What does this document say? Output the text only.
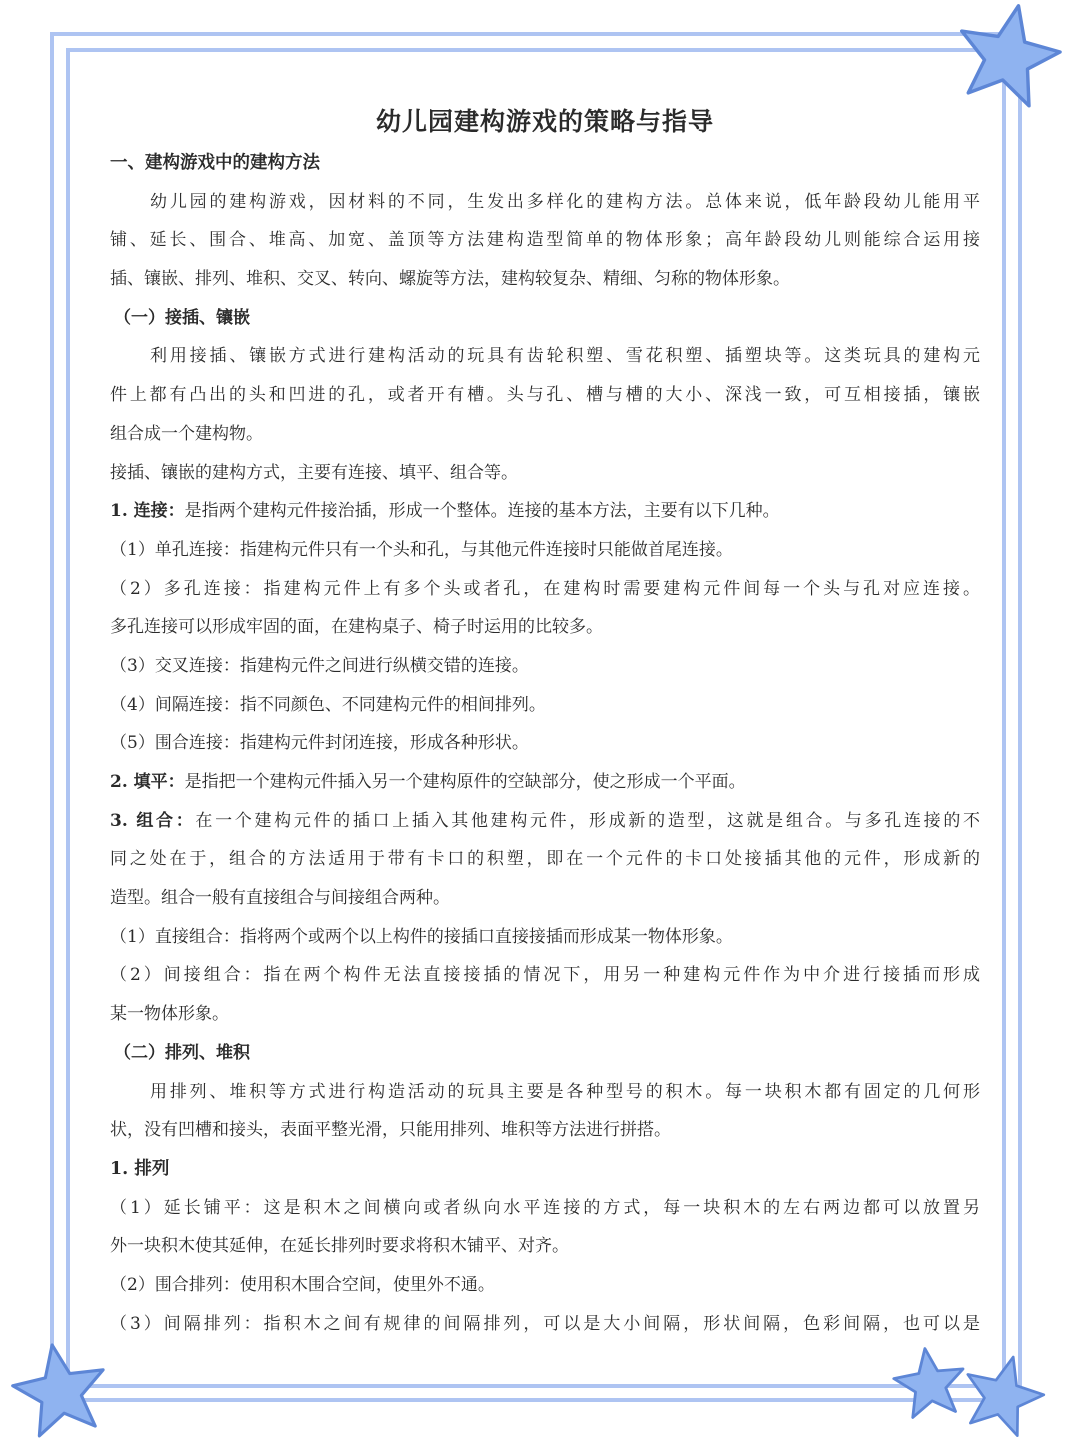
幼儿园建构游戏的策略与指导

一、建构游戏中的建构方法

幼儿园的建构游戏，因材料的不同，生发出多样化的建构方法。总体来说，低年龄段幼儿能用平

铺、延长、围合、堆高、加宽、盖顶等方法建构造型简单的物体形象；高年龄段幼儿则能综合运用接

插、镶嵌、排列、堆积、交叉、转向、螺旋等方法，建构较复杂、精细、匀称的物体形象。

（一）接插、镶嵌

利用接插、镶嵌方式进行建构活动的玩具有齿轮积塑、雪花积塑、插塑块等。这类玩具的建构元

件上都有凸出的头和凹进的孔，或者开有槽。头与孔、槽与槽的大小、深浅一致，可互相接插，镶嵌

组合成一个建构物。

接插、镶嵌的建构方式，主要有连接、填平、组合等。

1. 连接：是指两个建构元件接治插，形成一个整体。连接的基本方法，主要有以下几种。

（1）单孔连接：指建构元件只有一个头和孔，与其他元件连接时只能做首尾连接。

（2）多孔连接：指建构元件上有多个头或者孔，在建构时需要建构元件间每一个头与孔对应连接。

多孔连接可以形成牢固的面，在建构桌子、椅子时运用的比较多。

（3）交叉连接：指建构元件之间进行纵横交错的连接。

（4）间隔连接：指不同颜色、不同建构元件的相间排列。

（5）围合连接：指建构元件封闭连接，形成各种形状。

2. 填平：是指把一个建构元件插入另一个建构原件的空缺部分，使之形成一个平面。

3. 组合：在一个建构元件的插口上插入其他建构元件，形成新的造型，这就是组合。与多孔连接的不

同之处在于，组合的方法适用于带有卡口的积塑，即在一个元件的卡口处接插其他的元件，形成新的

造型。组合一般有直接组合与间接组合两种。

（1）直接组合：指将两个或两个以上构件的接插口直接接插而形成某一物体形象。

（2）间接组合：指在两个构件无法直接接插的情况下，用另一种建构元件作为中介进行接插而形成

某一物体形象。

（二）排列、堆积

用排列、堆积等方式进行构造活动的玩具主要是各种型号的积木。每一块积木都有固定的几何形

状，没有凹槽和接头，表面平整光滑，只能用排列、堆积等方法进行拼搭。

1. 排列

（1）延长铺平：这是积木之间横向或者纵向水平连接的方式，每一块积木的左右两边都可以放置另

外一块积木使其延伸，在延长排列时要求将积木铺平、对齐。

（2）围合排列：使用积木围合空间，使里外不通。

（3）间隔排列：指积木之间有规律的间隔排列，可以是大小间隔，形状间隔，色彩间隔，也可以是
